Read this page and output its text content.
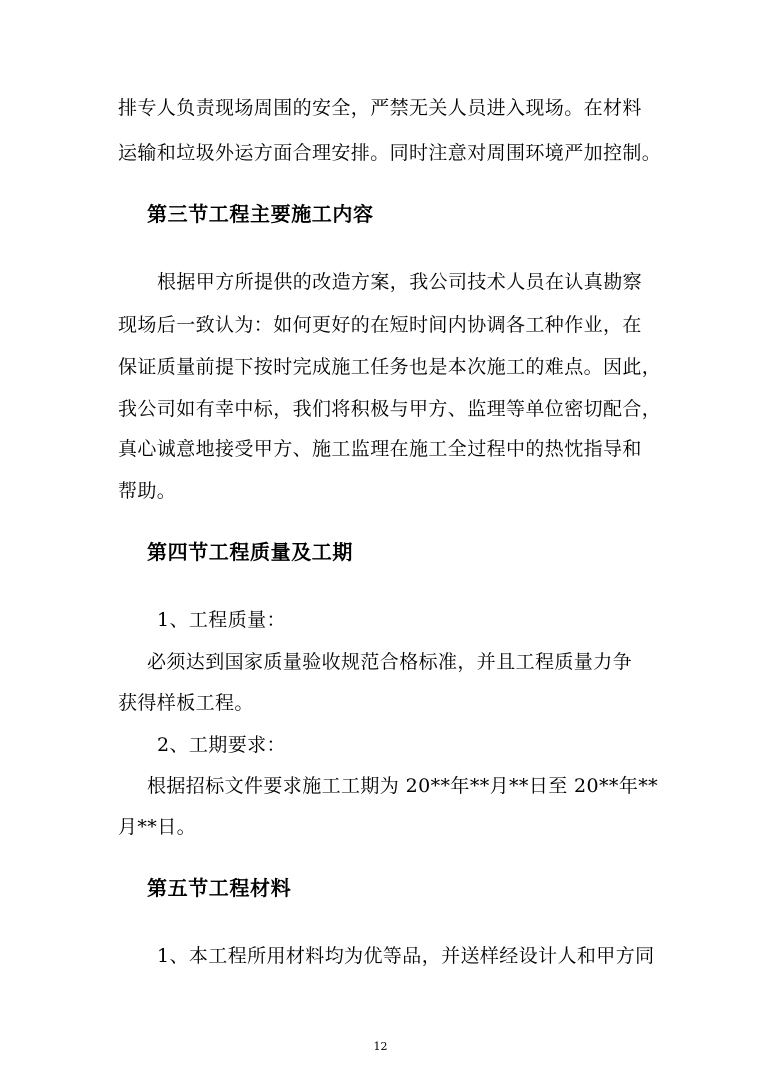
排专人负责现场周围的安全，严禁无关人员进入现场。在材料
运输和垃圾外运方面合理安排。同时注意对周围环境严加控制。
第三节工程主要施工内容
根据甲方所提供的改造方案，我公司技术人员在认真勘察
现场后一致认为：如何更好的在短时间内协调各工种作业，在
保证质量前提下按时完成施工任务也是本次施工的难点。因此，
我公司如有幸中标，我们将积极与甲方、监理等单位密切配合，
真心诚意地接受甲方、施工监理在施工全过程中的热忱指导和
帮助。
第四节工程质量及工期
1、工程质量：
必须达到国家质量验收规范合格标准，并且工程质量力争
获得样板工程。
2、工期要求：
根据招标文件要求施工工期为 20**年**月**日至 20**年**
月**日。
第五节工程材料
1、本工程所用材料均为优等品，并送样经设计人和甲方同
12
